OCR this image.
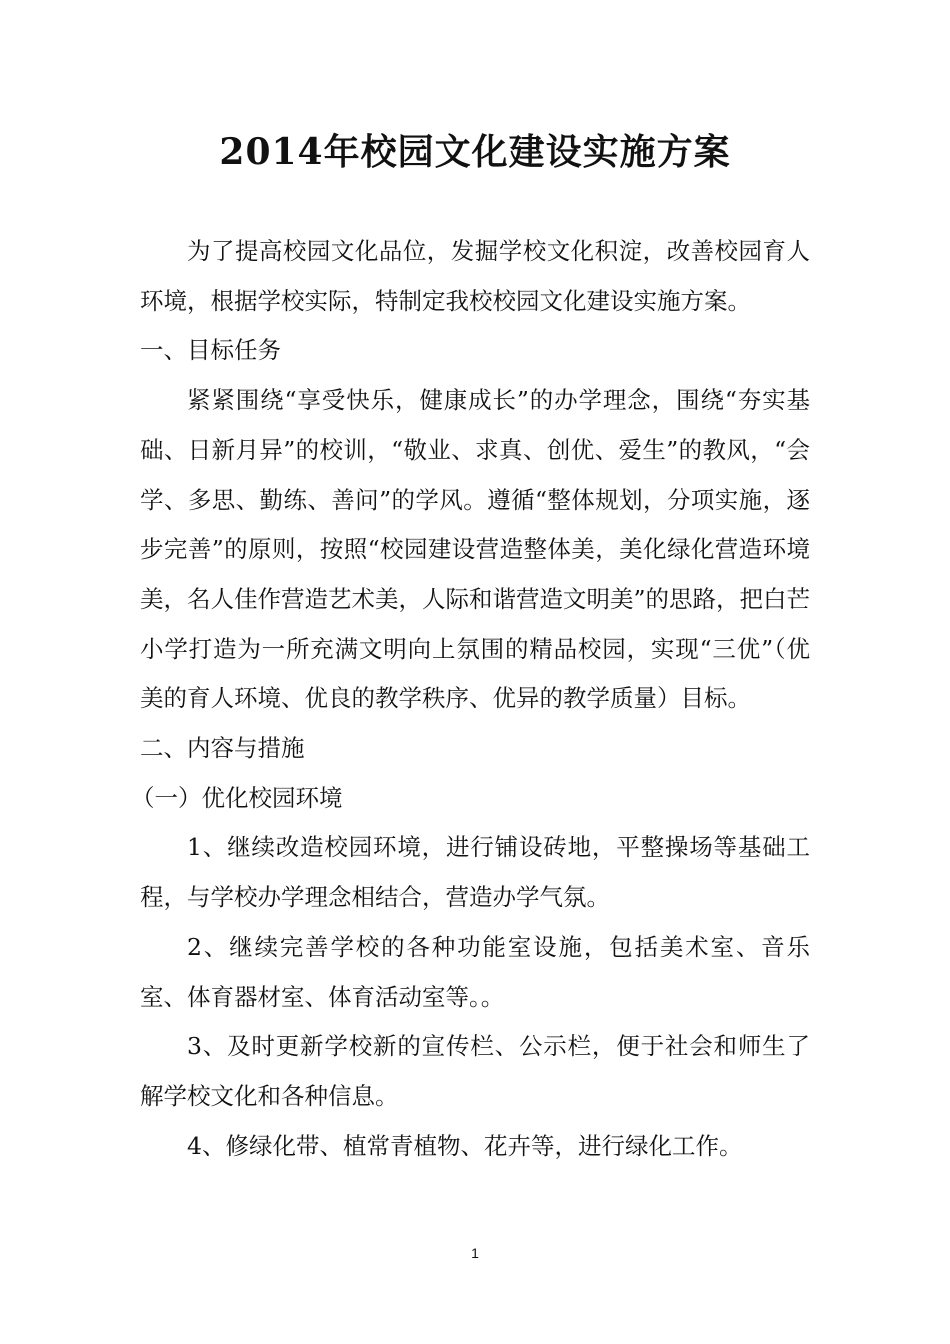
2014年校园文化建设实施方案

为了提高校园文化品位，发掘学校文化积淀，改善校园育人环境，根据学校实际，特制定我校校园文化建设实施方案。

一、目标任务

紧紧围绕“享受快乐，健康成长”的办学理念，围绕“夯实基础、日新月异”的校训，“敬业、求真、创优、爱生”的教风，“会学、多思、勤练、善问”的学风。遵循“整体规划，分项实施，逐步完善”的原则，按照“校园建设营造整体美，美化绿化营造环境美，名人佳作营造艺术美，人际和谐营造文明美”的思路，把白芒小学打造为一所充满文明向上氛围的精品校园，实现“三优”（优美的育人环境、优良的教学秩序、优异的教学质量）目标。

二、内容与措施

（一）优化校园环境

1、继续改造校园环境，进行铺设砖地，平整操场等基础工程，与学校办学理念相结合，营造办学气氛。

2、继续完善学校的各种功能室设施，包括美术室、音乐室、体育器材室、体育活动室等。。

3、及时更新学校新的宣传栏、公示栏，便于社会和师生了解学校文化和各种信息。

4、修绿化带、植常青植物、花卉等，进行绿化工作。

1
